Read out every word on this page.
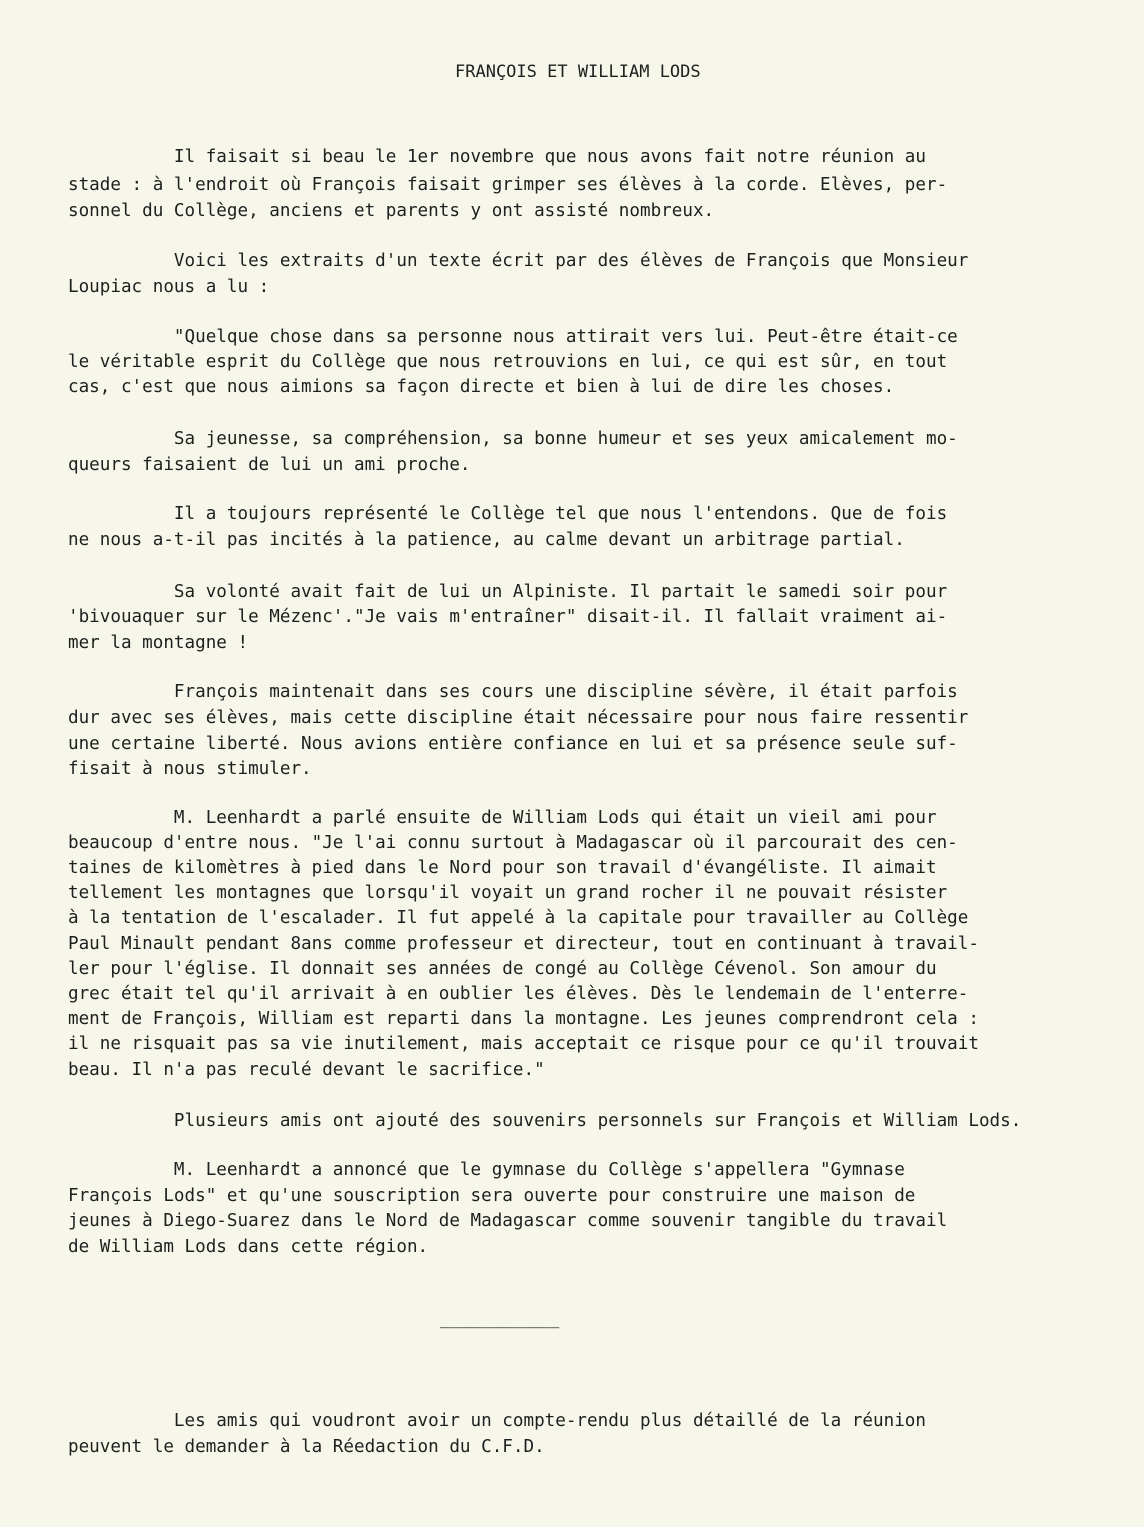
FRANÇOIS ET WILLIAM LODS

Il faisait si beau le 1er novembre que nous avons fait notre réunion au

stade : à l'endroit où François faisait grimper ses élèves à la corde. Elèves, per-

sonnel du Collège, anciens et parents y ont assisté nombreux.

Voici les extraits d'un texte écrit par des élèves de François que Monsieur

Loupiac nous a lu :

"Quelque chose dans sa personne nous attirait vers lui. Peut-être était-ce

le véritable esprit du Collège que nous retrouvions en lui, ce qui est sûr, en tout

cas, c'est que nous aimions sa façon directe et bien à lui de dire les choses.

Sa jeunesse, sa compréhension, sa bonne humeur et ses yeux amicalement mo-

queurs faisaient de lui un ami proche.

Il a toujours représenté le Collège tel que nous l'entendons. Que de fois

ne nous a-t-il pas incités à la patience, au calme devant un arbitrage partial.

Sa volonté avait fait de lui un Alpiniste. Il partait le samedi soir pour

'bivouaquer sur le Mézenc'."Je vais m'entraîner" disait-il. Il fallait vraiment ai-

mer la montagne !

François maintenait dans ses cours une discipline sévère, il était parfois

dur avec ses élèves, mais cette discipline était nécessaire pour nous faire ressentir

une certaine liberté. Nous avions entière confiance en lui et sa présence seule suf-

fisait à nous stimuler.

M. Leenhardt a parlé ensuite de William Lods qui était un vieil ami pour

beaucoup d'entre nous. "Je l'ai connu surtout à Madagascar où il parcourait des cen-

taines de kilomètres à pied dans le Nord pour son travail d'évangéliste. Il aimait

tellement les montagnes que lorsqu'il voyait un grand rocher il ne pouvait résister

à la tentation de l'escalader. Il fut appelé à la capitale pour travailler au Collège

Paul Minault pendant 8ans comme professeur et directeur, tout en continuant à travail-

ler pour l'église. Il donnait ses années de congé au Collège Cévenol. Son amour du

grec était tel qu'il arrivait à en oublier les élèves. Dès le lendemain de l'enterre-

ment de François, William est reparti dans la montagne. Les jeunes comprendront cela :

il ne risquait pas sa vie inutilement, mais acceptait ce risque pour ce qu'il trouvait

beau. Il n'a pas reculé devant le sacrifice."

Plusieurs amis ont ajouté des souvenirs personnels sur François et William Lods.

M. Leenhardt a annoncé que le gymnase du Collège s'appellera "Gymnase

François Lods" et qu'une souscription sera ouverte pour construire une maison de

jeunes à Diego-Suarez dans le Nord de Madagascar comme souvenir tangible du travail

de William Lods dans cette région.

___________

Les amis qui voudront avoir un compte-rendu plus détaillé de la réunion

peuvent le demander à la Réedaction du C.F.D.
